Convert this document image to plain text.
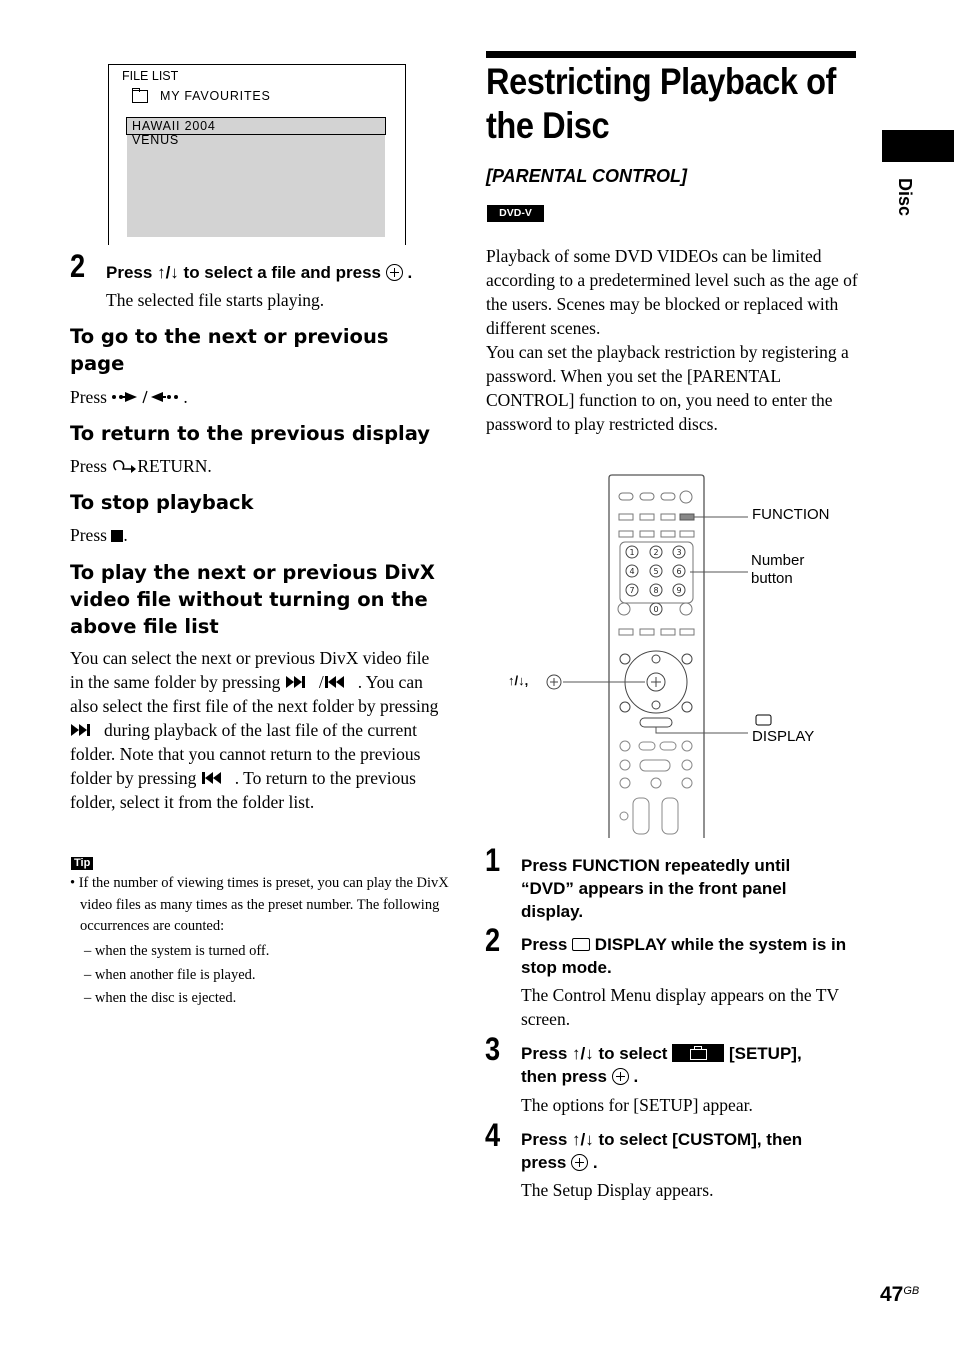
FILE LIST
MY FAVOURITES
HAWAII 2004
VENUS
2 Press ↑/↓ to select a file and press  .
The selected file starts playing.
To go to the next or previous page
Press	.
To return to the previous display
Press RETURN.
To stop playback
Press .
To play the next or previous DivX video file without turning on the above file list
You can select the next or previous DivX video file in the same folder by pressing / . You can also select the first file of the next folder by pressing during playback of the last file of the current folder. Note that you cannot return to the previous folder by pressing . To return to the previous folder, select it from the folder list.
Tip
• If the number of viewing times is preset, you can play the DivX video files as many times as the preset number. The following occurrences are counted:
– when the system is turned off.
– when another file is played.
– when the disc is ejected.
Restricting Playback of
the Disc
[PARENTAL CONTROL]
DVD-V
Playback of some DVD VIDEOs can be limited according to a predetermined level such as the age of the users. Scenes may be blocked or replaced with different scenes.
You can set the playback restriction by registering a password. When you set the [PARENTAL CONTROL] function to on, you need to enter the password to play restricted discs.
1 2 3
4 5 6
7 8 9
0
FUNCTION
Number button
↑/↓,
DISPLAY
1 Press FUNCTION repeatedly until “DVD” appears in the front panel display.
2 Press DISPLAY while the system is in stop mode.
The Control Menu display appears on the TV screen.
3 Press ↑/↓ to select	[SETUP],
then press  .
The options for [SETUP] appear.
4 Press ↑/↓ to select [CUSTOM], then
press  .
The Setup Display appears.
Disc
$47^{GB}$
